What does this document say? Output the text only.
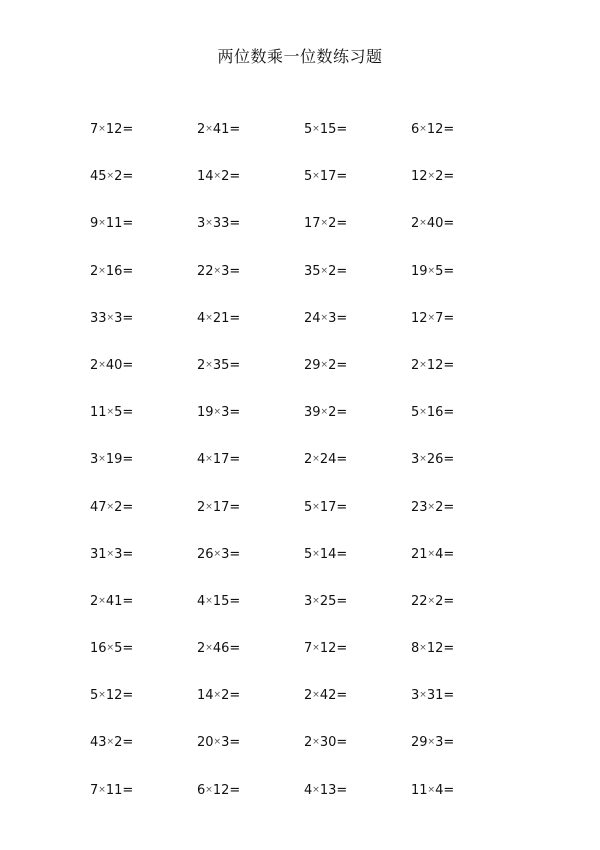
两位数乘一位数练习题
7×12=	2×41=	5×15=	6×12=
45×2=	14×2=	5×17=	12×2=
9×11=	3×33=	17×2=	2×40=
2×16=	22×3=	35×2=	19×5=
33×3=	4×21=	24×3=	12×7=
2×40=	2×35=	29×2=	2×12=
11×5=	19×3=	39×2=	5×16=
3×19=	4×17=	2×24=	3×26=
47×2=	2×17=	5×17=	23×2=
31×3=	26×3=	5×14=	21×4=
2×41=	4×15=	3×25=	22×2=
16×5=	2×46=	7×12=	8×12=
5×12=	14×2=	2×42=	3×31=
43×2=	20×3=	2×30=	29×3=
7×11=	6×12=	4×13=	11×4=
